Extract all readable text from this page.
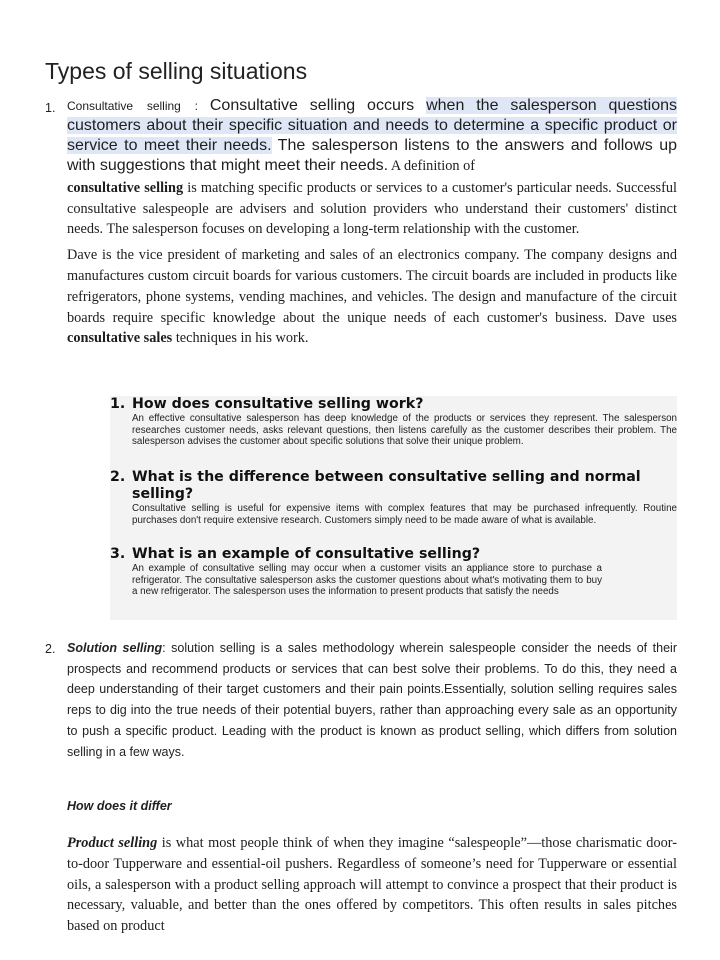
Types of selling situations
1. Consultative selling : Consultative selling occurs when the salesperson questions customers about their specific situation and needs to determine a specific product or service to meet their needs. The salesperson listens to the answers and follows up with suggestions that might meet their needs. A definition of

consultative selling is matching specific products or services to a customer's particular needs. Successful consultative salespeople are advisers and solution providers who understand their customers' distinct needs. The salesperson focuses on developing a long-term relationship with the customer.

Dave is the vice president of marketing and sales of an electronics company. The company designs and manufactures custom circuit boards for various customers. The circuit boards are included in products like refrigerators, phone systems, vending machines, and vehicles. The design and manufacture of the circuit boards require specific knowledge about the unique needs of each customer's business. Dave uses consultative sales techniques in his work.

1. How does consultative selling work?
An effective consultative salesperson has deep knowledge of the products or services they represent. The salesperson researches customer needs, asks relevant questions, then listens carefully as the customer describes their problem. The salesperson advises the customer about specific solutions that solve their unique problem.
2. What is the difference between consultative selling and normal selling?
Consultative selling is useful for expensive items with complex features that may be purchased infrequently. Routine purchases don't require extensive research. Customers simply need to be made aware of what is available.
3. What is an example of consultative selling?
An example of consultative selling may occur when a customer visits an appliance store to purchase a refrigerator. The consultative salesperson asks the customer questions about what's motivating them to buy a new refrigerator. The salesperson uses the information to present products that satisfy the needs
2. Solution selling: solution selling is a sales methodology wherein salespeople consider the needs of their prospects and recommend products or services that can best solve their problems. To do this, they need a deep understanding of their target customers and their pain points.Essentially, solution selling requires sales reps to dig into the true needs of their potential buyers, rather than approaching every sale as an opportunity to push a specific product. Leading with the product is known as product selling, which differs from solution selling in a few ways.
How does it differ

Product selling is what most people think of when they imagine “salespeople”—those charismatic door-to-door Tupperware and essential-oil pushers. Regardless of someone’s need for Tupperware or essential oils, a salesperson with a product selling approach will attempt to convince a prospect that their product is necessary, valuable, and better than the ones offered by competitors. This often results in sales pitches based on product
